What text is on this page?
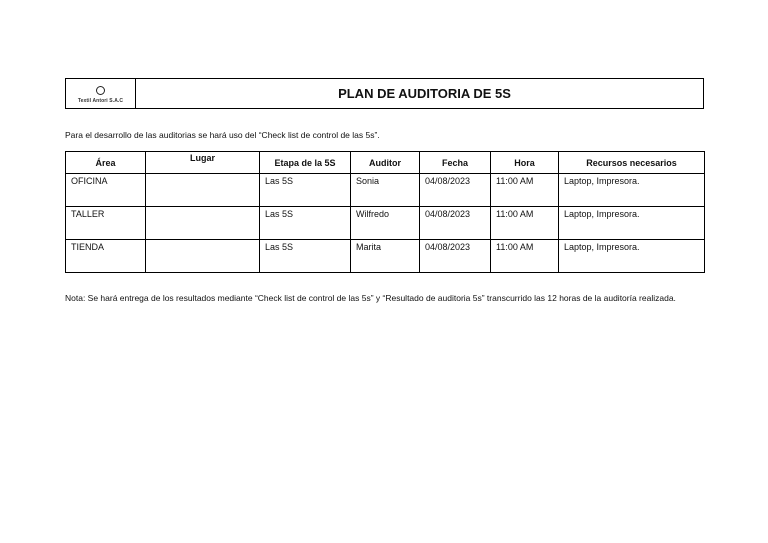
Textil Antori S.A.C	PLAN DE AUDITORIA DE 5S
Para el desarrollo de las auditorias se hará uso del “Check list de control de las 5s”.
Área	Lugar	Etapa de la 5S	Auditor	Fecha	Hora	Recursos necesarios
OFICINA		Las 5S	Sonia	04/08/2023	11:00 AM	Laptop, Impresora.
TALLER		Las 5S	Wilfredo	04/08/2023	11:00 AM	Laptop, Impresora.
TIENDA		Las 5S	Marita	04/08/2023	11:00 AM	Laptop, Impresora.
Nota: Se hará entrega de los resultados mediante “Check list de control de las 5s” y “Resultado de auditoria 5s” transcurrido las 12 horas de la auditoría realizada.
